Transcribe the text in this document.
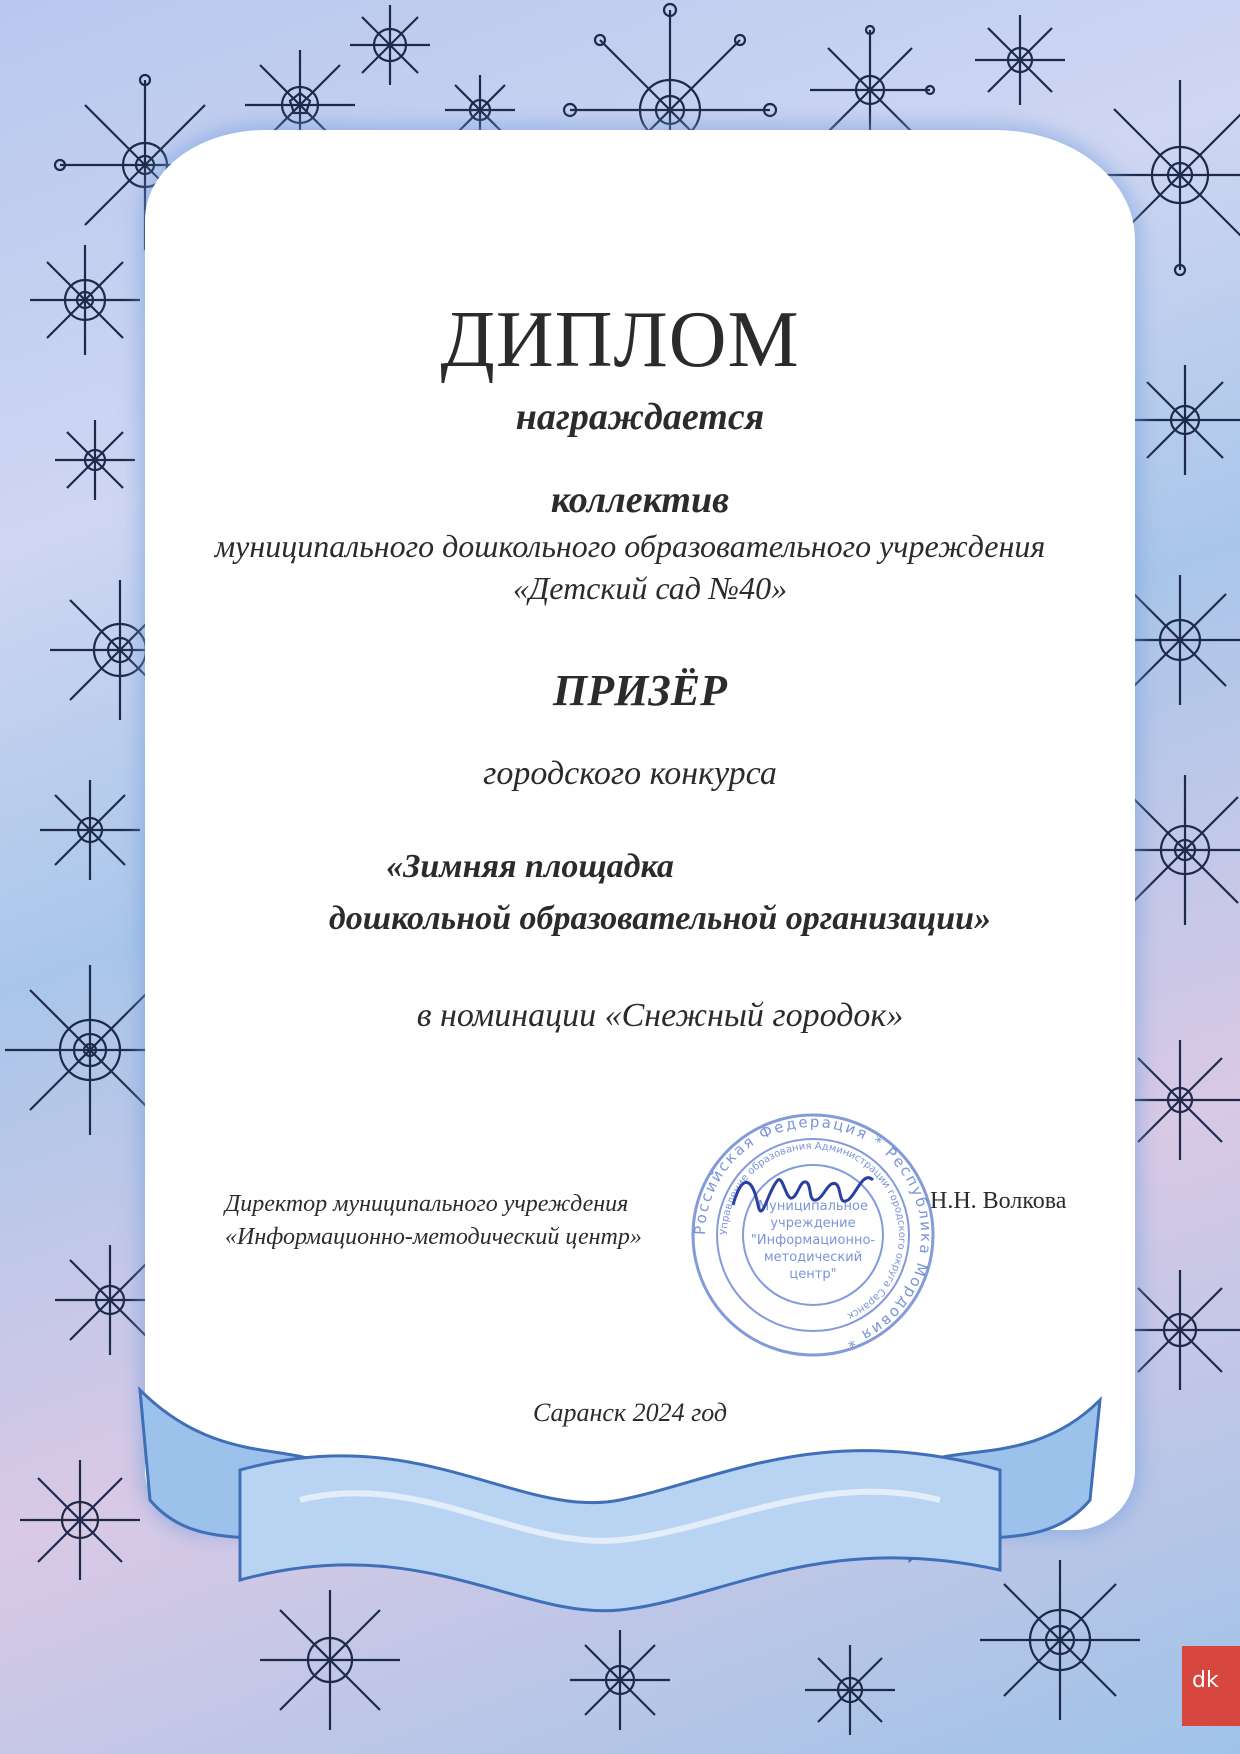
ДИПЛОМ
награждается
коллектив
муниципального дошкольного образовательного учреждения
«Детский сад №40»
ПРИЗЁР
городского конкурса
«Зимняя площадка
дошкольной образовательной организации»
в номинации «Снежный городок»
Директор муниципального учреждения
«Информационно-методический центр»
Н.Н. Волкова
Российская Федерация * Республика Мордовия *
Управление образования Администрации городского округа Саранск
Муниципальное
учреждение
"Информационно-
методический
центр"
Саранск 2024 год
dk
